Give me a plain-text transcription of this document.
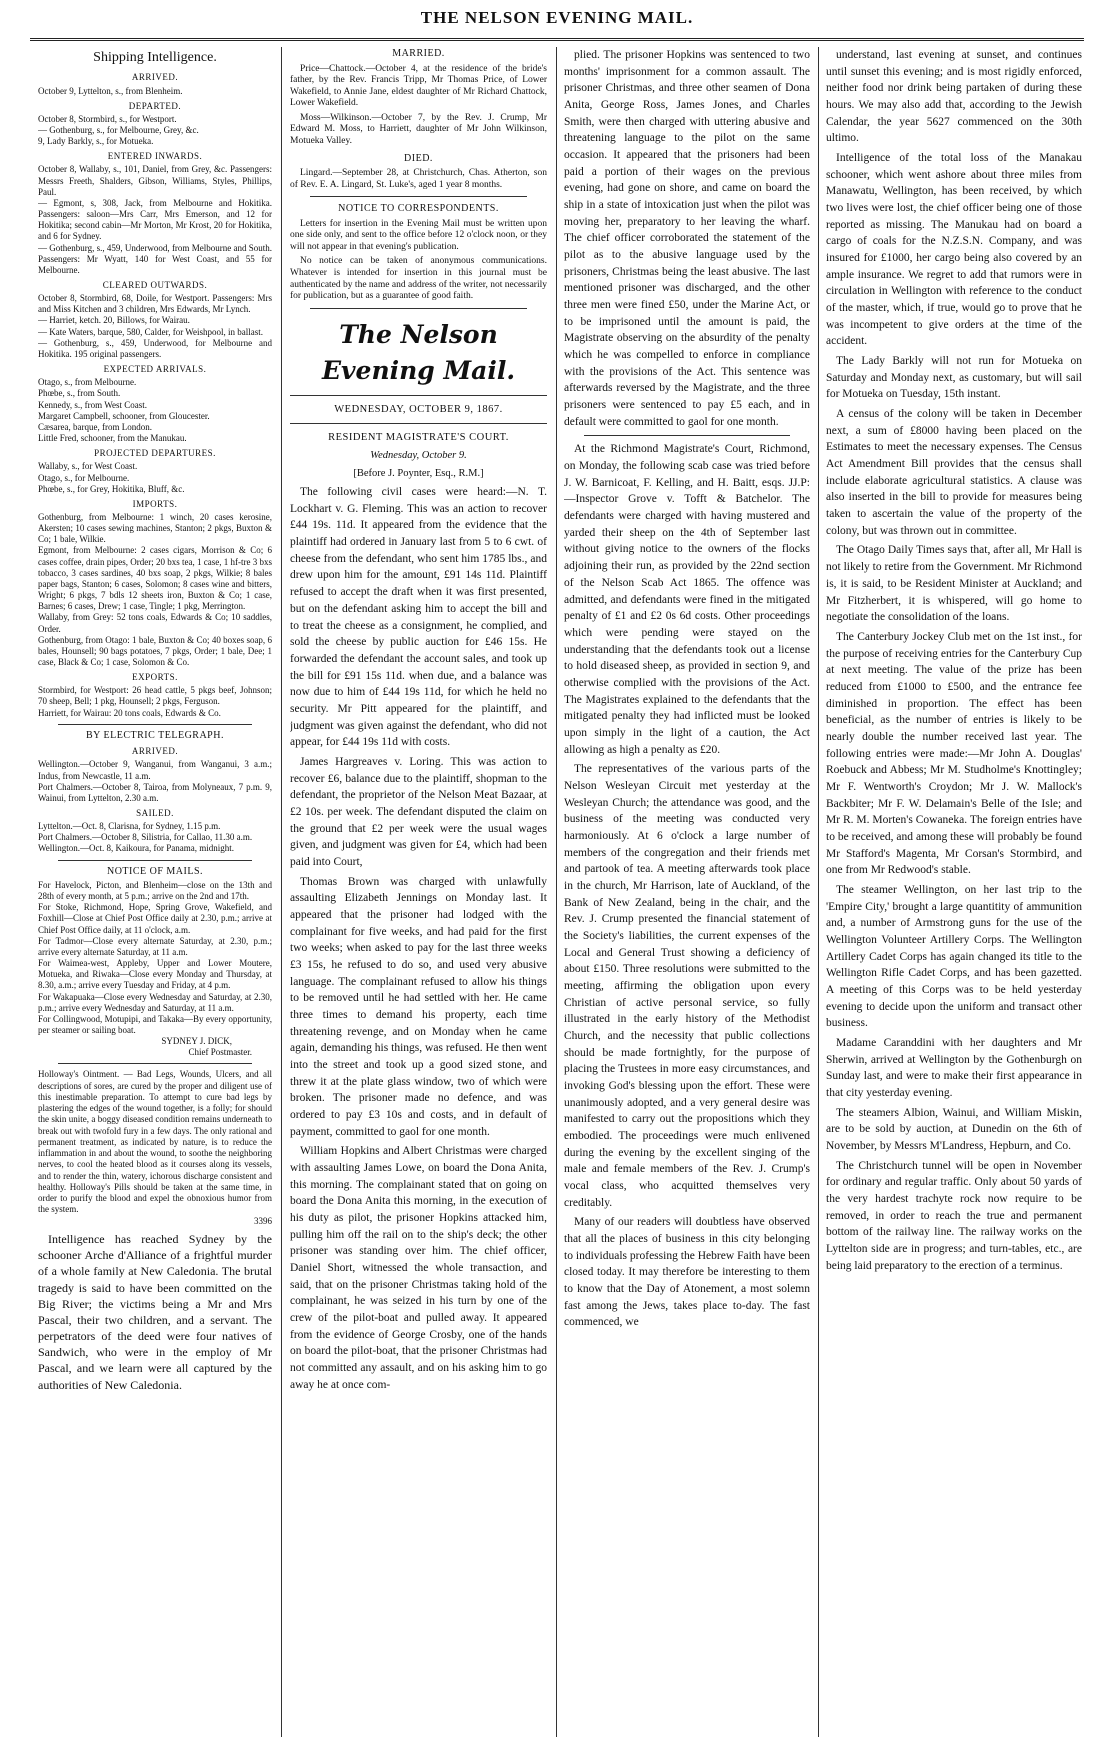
THE NELSON EVENING MAIL.
Shipping Intelligence.
ARRIVED.

October 9, Lyttelton, s., from Blenheim.

DEPARTED.

October 8, Stormbird, s., for Westport.

— Gothenburg, s., for Melbourne, Grey, &c.

9, Lady Barkly, s., for Motueka.

ENTERED INWARDS.

October 8, Wallaby, s., 101, Daniel, from Grey, &c. Passengers: Messrs Freeth, Shalders, Gibson, Williams, Styles, Phillips, Paul.

— Egmont, s, 308, Jack, from Melbourne and Hokitika. Passengers: saloon—Mrs Carr, Mrs Emerson, and 12 for Hokitika; second cabin—Mr Morton, Mr Krost, 20 for Hokitika, and 6 for Sydney.

— Gothenburg, s., 459, Underwood, from Melbourne and South. Passengers: Mr Wyatt, 140 for West Coast, and 55 for Melbourne.

CLEARED OUTWARDS.

October 8, Stormbird, 68, Doile, for Westport. Passengers: Mrs and Miss Kitchen and 3 children, Mrs Edwards, Mr Lynch.

— Harriet, ketch. 20, Billows, for Wairau.

— Kate Waters, barque, 580, Calder, for Weishpool, in ballast.

— Gothenburg, s., 459, Underwood, for Melbourne and Hokitika. 195 original passengers.

EXPECTED ARRIVALS.

Otago, s., from Melbourne.

Phœbe, s., from South.

Kennedy, s., from West Coast.

Margaret Campbell, schooner, from Gloucester.

Cæsarea, barque, from London.

Little Fred, schooner, from the Manukau.

PROJECTED DEPARTURES.

Wallaby, s., for West Coast.

Otago, s., for Melbourne.

Phœbe, s., for Grey, Hokitika, Bluff, &c.

IMPORTS.

Gothenburg, from Melbourne: 1 winch, 20 cases kerosine, Akersten; 10 cases sewing machines, Stanton; 2 pkgs, Buxton & Co; 1 bale, Wilkie.

Egmont, from Melbourne: 2 cases cigars, Morrison & Co; 6 cases coffee, drain pipes, Order; 20 bxs tea, 1 case, 1 hf-tre 3 bxs tobacco, 3 cases sardines, 40 bxs soap, 2 pkgs, Wilkie; 8 bales paper bags, Stanton; 6 cases, Solomon; 8 cases wine and bitters, Wright; 6 pkgs, 7 bdls 12 sheets iron, Buxton & Co; 1 case, Barnes; 6 cases, Drew; 1 case, Tingle; 1 pkg, Merrington.

Wallaby, from Grey: 52 tons coals, Edwards & Co; 10 saddles, Order.

Gothenburg, from Otago: 1 bale, Buxton & Co; 40 boxes soap, 6 bales, Hounsell; 90 bags potatoes, 7 pkgs, Order; 1 bale, Dee; 1 case, Black & Co; 1 case, Solomon & Co.

EXPORTS.

Stormbird, for Westport: 26 head cattle, 5 pkgs beef, Johnson; 70 sheep, Bell; 1 pkg, Hounsell; 2 pkgs, Ferguson.

Harriett, for Wairau: 20 tons coals, Edwards & Co.

BY ELECTRIC TELEGRAPH.
ARRIVED.

Wellington.—October 9, Wanganui, from Wanganui, 3 a.m.; Indus, from Newcastle, 11 a.m.

Port Chalmers.—October 8, Tairoa, from Molyneaux, 7 p.m. 9, Wainui, from Lyttelton, 2.30 a.m.

SAILED.

Lyttelton.—Oct. 8, Clarisna, for Sydney, 1.15 p.m.

Port Chalmers.—October 8, Silistria, for Callao, 11.30 a.m.

Wellington.—Oct. 8, Kaikoura, for Panama, midnight.

NOTICE OF MAILS.

For Havelock, Picton, and Blenheim—close on the 13th and 28th of every month, at 5 p.m.; arrive on the 2nd and 17th.

For Stoke, Richmond, Hope, Spring Grove, Wakefield, and Foxhill—Close at Chief Post Office daily at 2.30, p.m.; arrive at Chief Post Office daily, at 11 o'clock, a.m.

For Tadmor—Close every alternate Saturday, at 2.30, p.m.; arrive every alternate Saturday, at 11 a.m.

For Waimea-west, Appleby, Upper and Lower Moutere, Motueka, and Riwaka—Close every Monday and Thursday, at 8.30, a.m.; arrive every Tuesday and Friday, at 4 p.m.

For Wakapuaka—Close every Wednesday and Saturday, at 2.30, p.m.; arrive every Wednesday and Saturday, at 11 a.m.

For Collingwood, Motupipi, and Takaka—By every opportunity, per steamer or sailing boat.

SYDNEY J. DICK,

Chief Postmaster.

Holloway's Ointment. — Bad Legs, Wounds, Ulcers, and all descriptions of sores, are cured by the proper and diligent use of this inestimable preparation. To attempt to cure bad legs by plastering the edges of the wound together, is a folly; for should the skin unite, a boggy diseased condition remains underneath to break out with twofold fury in a few days. The only rational and permanent treatment, as indicated by nature, is to reduce the inflammation in and about the wound, to soothe the neighboring nerves, to cool the heated blood as it courses along its vessels, and to render the thin, watery, ichorous discharge consistent and healthy. Holloway's Pills should be taken at the same time, in order to purify the blood and expel the obnoxious humor from the system.

3396

Intelligence has reached Sydney by the schooner Arche d'Alliance of a frightful murder of a whole family at New Caledonia. The brutal tragedy is said to have been committed on the Big River; the victims being a Mr and Mrs Pascal, their two children, and a servant. The perpetrators of the deed were four natives of Sandwich, who were in the employ of Mr Pascal, and we learn were all captured by the authorities of New Caledonia.

MARRIED.

Price—Chattock.—October 4, at the residence of the bride's father, by the Rev. Francis Tripp, Mr Thomas Price, of Lower Wakefield, to Annie Jane, eldest daughter of Mr Richard Chattock, Lower Wakefield.

Moss—Wilkinson.—October 7, by the Rev. J. Crump, Mr Edward M. Moss, to Harriett, daughter of Mr John Wilkinson, Motueka Valley.

DIED.

Lingard.—September 28, at Christchurch, Chas. Atherton, son of Rev. E. A. Lingard, St. Luke's, aged 1 year 8 months.

NOTICE TO CORRESPONDENTS.

Letters for insertion in the Evening Mail must be written upon one side only, and sent to the office before 12 o'clock noon, or they will not appear in that evening's publication.

No notice can be taken of anonymous communications. Whatever is intended for insertion in this journal must be authenticated by the name and address of the writer, not necessarily for publication, but as a guarantee of good faith.

The Nelson Evening Mail.
WEDNESDAY, OCTOBER 9, 1867.
RESIDENT MAGISTRATE'S COURT.

Wednesday, October 9.

[Before J. Poynter, Esq., R.M.]

The following civil cases were heard:—N. T. Lockhart v. G. Fleming. This was an action to recover £44 19s. 11d. It appeared from the evidence that the plaintiff had ordered in January last from 5 to 6 cwt. of cheese from the defendant, who sent him 1785 lbs., and drew upon him for the amount, £91 14s 11d. Plaintiff refused to accept the draft when it was first presented, but on the defendant asking him to accept the bill and to treat the cheese as a consignment, he complied, and sold the cheese by public auction for £46 15s. He forwarded the defendant the account sales, and took up the bill for £91 15s 11d. when due, and a balance was now due to him of £44 19s 11d, for which he held no security. Mr Pitt appeared for the plaintiff, and judgment was given against the defendant, who did not appear, for £44 19s 11d with costs.

James Hargreaves v. Loring. This was action to recover £6, balance due to the plaintiff, shopman to the defendant, the proprietor of the Nelson Meat Bazaar, at £2 10s. per week. The defendant disputed the claim on the ground that £2 per week were the usual wages given, and judgment was given for £4, which had been paid into Court,

Thomas Brown was charged with unlawfully assaulting Elizabeth Jennings on Monday last. It appeared that the prisoner had lodged with the complainant for five weeks, and had paid for the first two weeks; when asked to pay for the last three weeks £3 15s, he refused to do so, and used very abusive language. The complainant refused to allow his things to be removed until he had settled with her. He came three times to demand his property, each time threatening revenge, and on Monday when he came again, demanding his things, was refused. He then went into the street and took up a good sized stone, and threw it at the plate glass window, two of which were broken. The prisoner made no defence, and was ordered to pay £3 10s and costs, and in default of payment, committed to gaol for one month.

William Hopkins and Albert Christmas were charged with assaulting James Lowe, on board the Dona Anita, this morning. The complainant stated that on going on board the Dona Anita this morning, in the execution of his duty as pilot, the prisoner Hopkins attacked him, pulling him off the rail on to the ship's deck; the other prisoner was standing over him. The chief officer, Daniel Short, witnessed the whole transaction, and said, that on the prisoner Christmas taking hold of the complainant, he was seized in his turn by one of the crew of the pilot-boat and pulled away. It appeared from the evidence of George Crosby, one of the hands on board the pilot-boat, that the prisoner Christmas had not committed any assault, and on his asking him to go away he at once com-

plied. The prisoner Hopkins was sentenced to two months' imprisonment for a common assault. The prisoner Christmas, and three other seamen of Dona Anita, George Ross, James Jones, and Charles Smith, were then charged with uttering abusive and threatening language to the pilot on the same occasion. It appeared that the prisoners had been paid a portion of their wages on the previous evening, had gone on shore, and came on board the ship in a state of intoxication just when the pilot was moving her, preparatory to her leaving the wharf. The chief officer corroborated the statement of the pilot as to the abusive language used by the prisoners, Christmas being the least abusive. The last mentioned prisoner was discharged, and the other three men were fined £50, under the Marine Act, or to be imprisoned until the amount is paid, the Magistrate observing on the absurdity of the penalty which he was compelled to enforce in compliance with the provisions of the Act. This sentence was afterwards reversed by the Magistrate, and the three prisoners were sentenced to pay £5 each, and in default were committed to gaol for one month.

At the Richmond Magistrate's Court, Richmond, on Monday, the following scab case was tried before J. W. Barnicoat, F. Kelling, and H. Baitt, esqs. JJ.P:—Inspector Grove v. Tofft & Batchelor. The defendants were charged with having mustered and yarded their sheep on the 4th of September last without giving notice to the owners of the flocks adjoining their run, as provided by the 22nd section of the Nelson Scab Act 1865. The offence was admitted, and defendants were fined in the mitigated penalty of £1 and £2 0s 6d costs. Other proceedings which were pending were stayed on the understanding that the defendants took out a license to hold diseased sheep, as provided in section 9, and otherwise complied with the provisions of the Act. The Magistrates explained to the defendants that the mitigated penalty they had inflicted must be looked upon simply in the light of a caution, the Act allowing as high a penalty as £20.

The representatives of the various parts of the Nelson Wesleyan Circuit met yesterday at the Wesleyan Church; the attendance was good, and the business of the meeting was conducted very harmoniously. At 6 o'clock a large number of members of the congregation and their friends met and partook of tea. A meeting afterwards took place in the church, Mr Harrison, late of Auckland, of the Bank of New Zealand, being in the chair, and the Rev. J. Crump presented the financial statement of the Society's liabilities, the current expenses of the Local and General Trust showing a deficiency of about £150. Three resolutions were submitted to the meeting, affirming the obligation upon every Christian of active personal service, so fully illustrated in the early history of the Methodist Church, and the necessity that public collections should be made fortnightly, for the purpose of placing the Trustees in more easy circumstances, and invoking God's blessing upon the effort. These were unanimously adopted, and a very general desire was manifested to carry out the propositions which they embodied. The proceedings were much enlivened during the evening by the excellent singing of the male and female members of the Rev. J. Crump's vocal class, who acquitted themselves very creditably.

Many of our readers will doubtless have observed that all the places of business in this city belonging to individuals professing the Hebrew Faith have been closed today. It may therefore be interesting to them to know that the Day of Atonement, a most solemn fast among the Jews, takes place to-day. The fast commenced, we

understand, last evening at sunset, and continues until sunset this evening; and is most rigidly enforced, neither food nor drink being partaken of during these hours. We may also add that, according to the Jewish Calendar, the year 5627 commenced on the 30th ultimo.

Intelligence of the total loss of the Manakau schooner, which went ashore about three miles from Manawatu, Wellington, has been received, by which two lives were lost, the chief officer being one of those reported as missing. The Manukau had on board a cargo of coals for the N.Z.S.N. Company, and was insured for £1000, her cargo being also covered by an ample insurance. We regret to add that rumors were in circulation in Wellington with reference to the conduct of the master, which, if true, would go to prove that he was incompetent to give orders at the time of the accident.

The Lady Barkly will not run for Motueka on Saturday and Monday next, as customary, but will sail for Motueka on Tuesday, 15th instant.

A census of the colony will be taken in December next, a sum of £8000 having been placed on the Estimates to meet the necessary expenses. The Census Act Amendment Bill provides that the census shall include elaborate agricultural statistics. A clause was also inserted in the bill to provide for measures being taken to ascertain the value of the property of the colony, but was thrown out in committee.

The Otago Daily Times says that, after all, Mr Hall is not likely to retire from the Government. Mr Richmond is, it is said, to be Resident Minister at Auckland; and Mr Fitzherbert, it is whispered, will go home to negotiate the consolidation of the loans.

The Canterbury Jockey Club met on the 1st inst., for the purpose of receiving entries for the Canterbury Cup at next meeting. The value of the prize has been reduced from £1000 to £500, and the entrance fee diminished in proportion. The effect has been beneficial, as the number of entries is likely to be nearly double the number received last year. The following entries were made:—Mr John A. Douglas' Roebuck and Abbess; Mr M. Studholme's Knottingley; Mr F. Wentworth's Croydon; Mr J. W. Mallock's Backbiter; Mr F. W. Delamain's Belle of the Isle; and Mr R. M. Morten's Cowaneka. The foreign entries have to be received, and among these will probably be found Mr Stafford's Magenta, Mr Corsan's Stormbird, and one from Mr Redwood's stable.

The steamer Wellington, on her last trip to the 'Empire City,' brought a large quantitity of ammunition and, a number of Armstrong guns for the use of the Wellington Volunteer Artillery Corps. The Wellington Artillery Cadet Corps has again changed its title to the Wellington Rifle Cadet Corps, and has been gazetted. A meeting of this Corps was to be held yesterday evening to decide upon the uniform and transact other business.

Madame Caranddini with her daughters and Mr Sherwin, arrived at Wellington by the Gothenburgh on Sunday last, and were to make their first appearance in that city yesterday evening.

The steamers Albion, Wainui, and William Miskin, are to be sold by auction, at Dunedin on the 6th of November, by Messrs M'Landress, Hepburn, and Co.

The Christchurch tunnel will be open in November for ordinary and regular traffic. Only about 50 yards of the very hardest trachyte rock now require to be removed, in order to reach the true and permanent bottom of the railway line. The railway works on the Lyttelton side are in progress; and turn-tables, etc., are being laid preparatory to the erection of a terminus.
